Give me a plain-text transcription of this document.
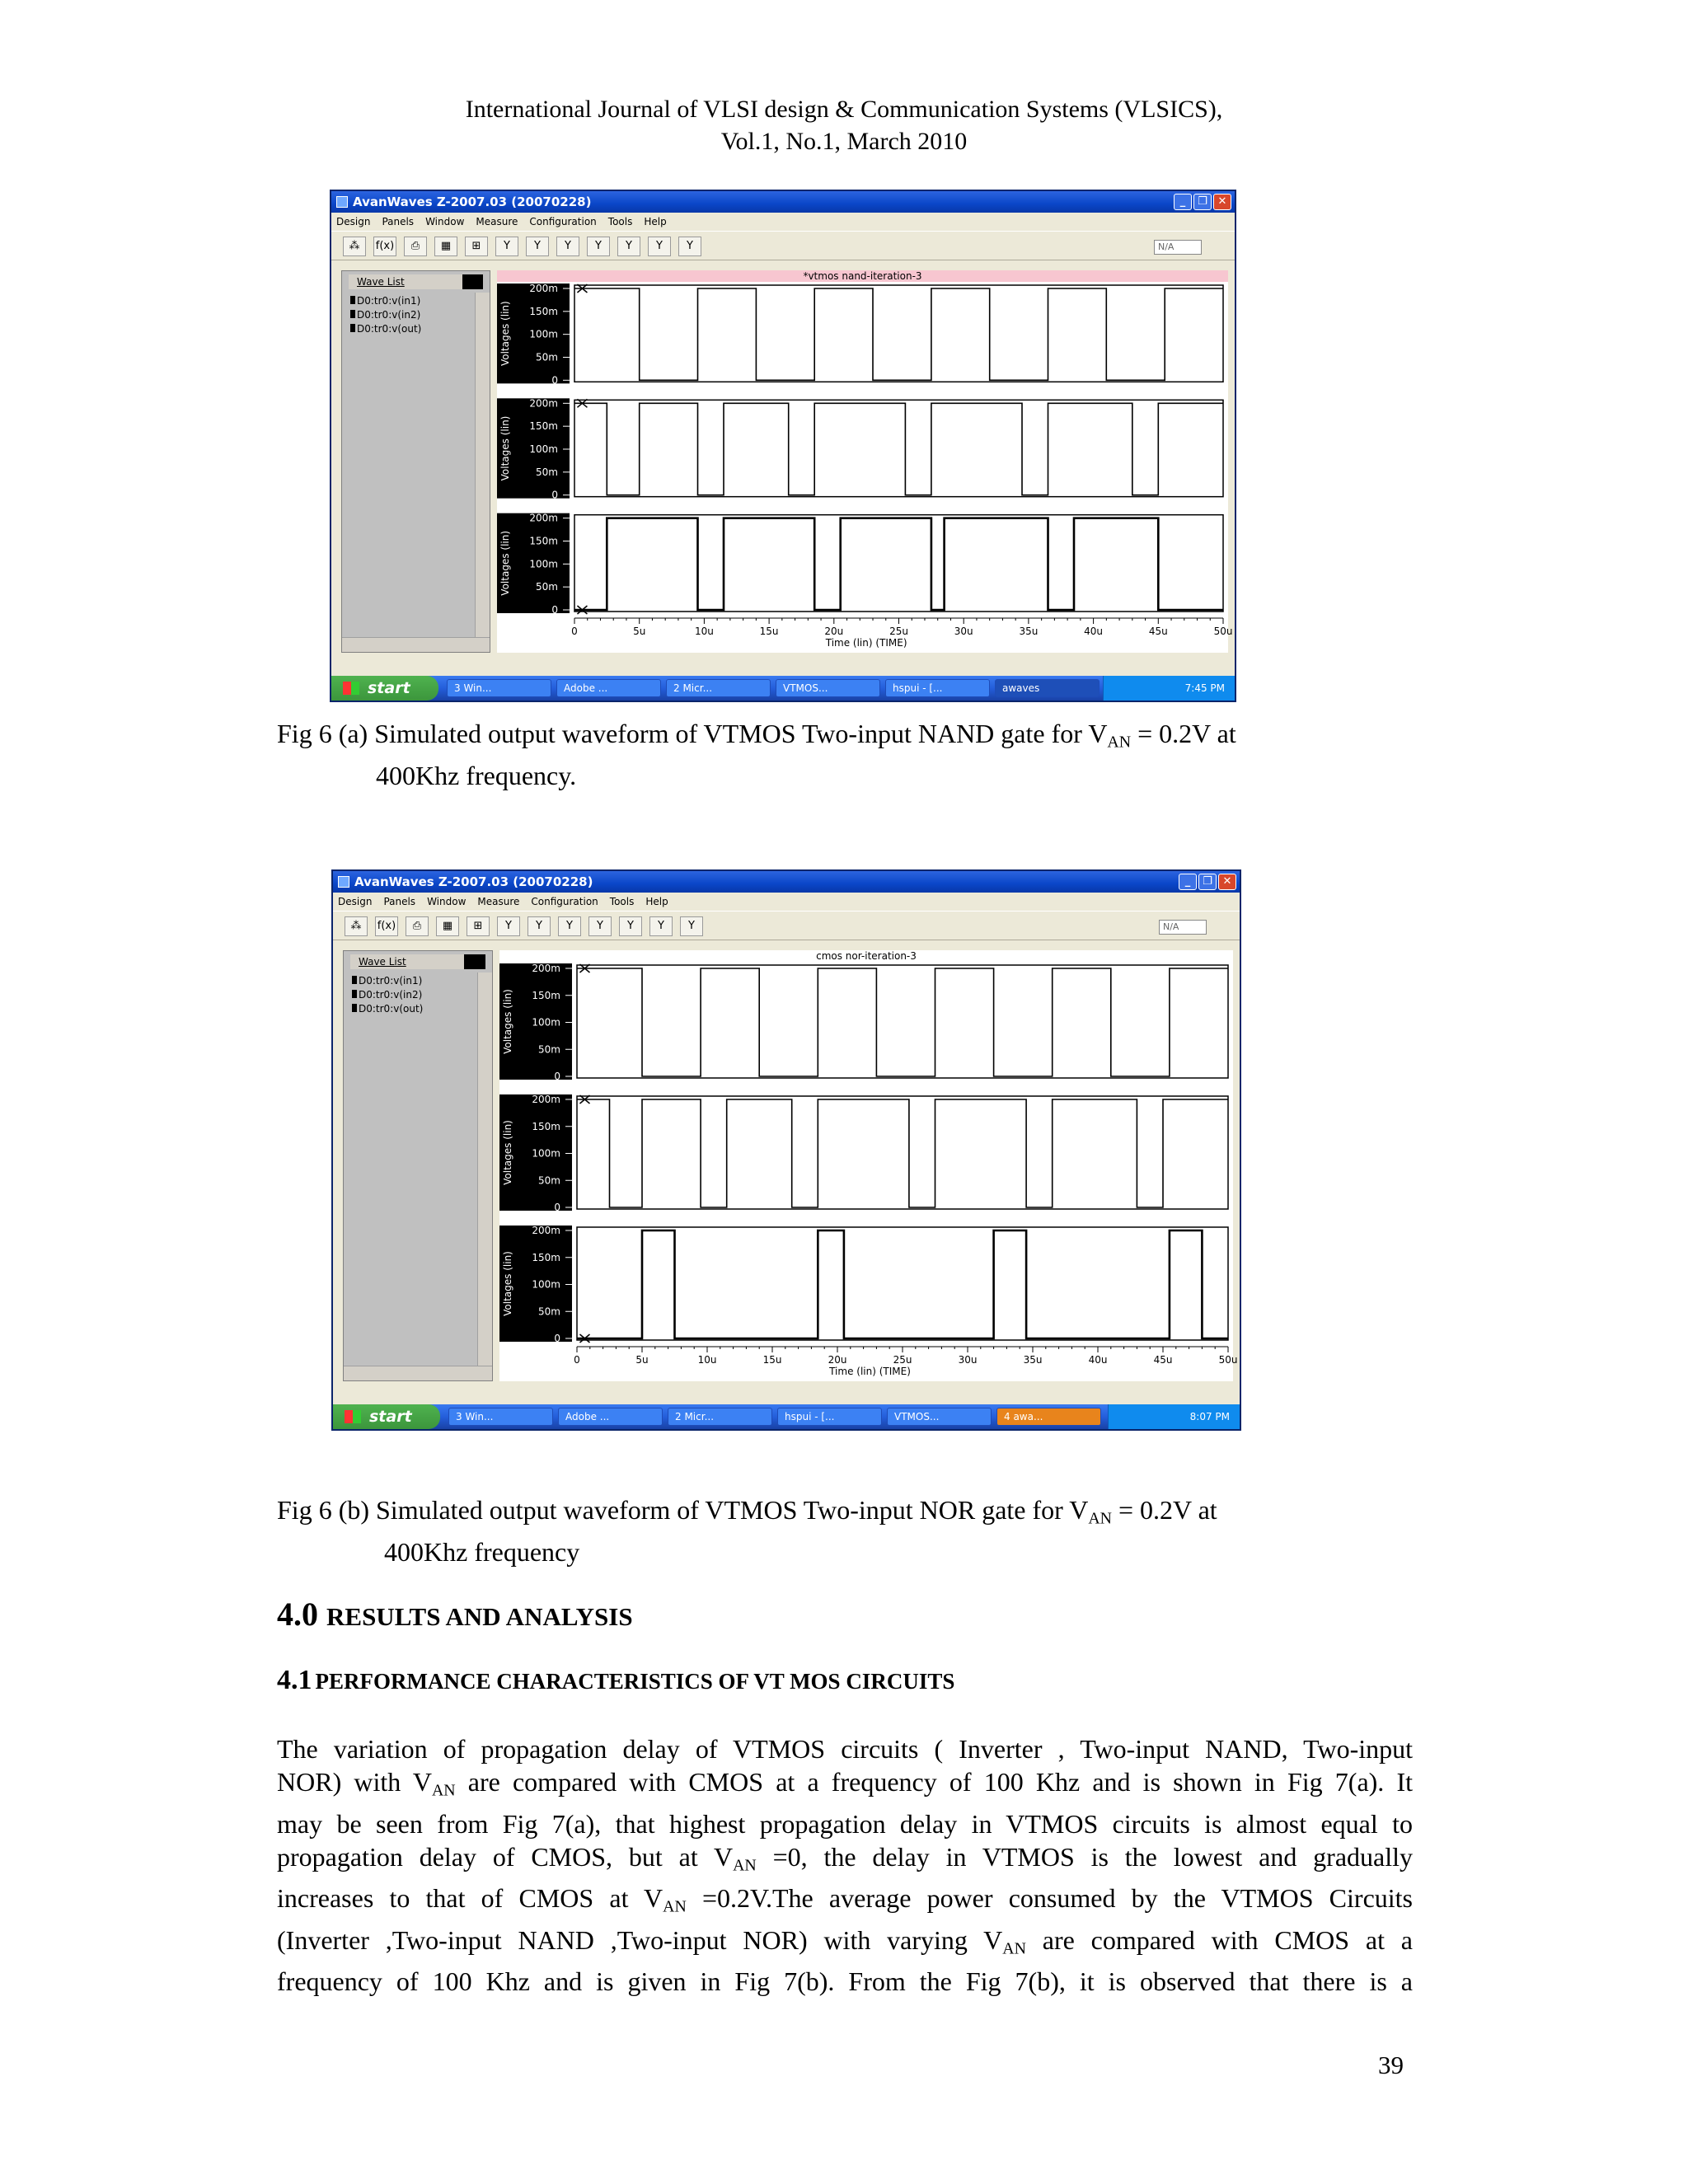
International Journal of VLSI design & Communication Systems (VLSICS),
Vol.1, No.1, March 2010
AvanWaves Z-2007.03 (20070228)	_	❐ ✕
Design Panels Window Measure Configuration Tools Help
⁂	f(x)	⎙	▦	⊞	Y	Y	Y	Y	Y	Y	Y	N/A
Wave List
D0:tr0:v(in1)
D0:tr0:v(in2)
D0:tr0:v(out)
*vtmos nand-iteration-3
Voltages (lin)
200m
150m
100m
50m
0
Voltages (lin)
200m
150m
100m
50m
0
Voltages (lin)
200m
150m
100m
50m
0
0	5u	10u	15u	20u	25u	30u	35u	40u	45u	50u
Time (lin) (TIME)
start	3 Win...	Adobe ...	2 Micr...	VTMOS...	hspui - [...	awaves	7:45 PM
Fig 6 (a) Simulated output waveform of VTMOS Two-input NAND gate for $V_{AN} = 0.2V$ at
400Khz frequency.
AvanWaves Z-2007.03 (20070228)	_	❐ ✕
Design Panels Window Measure Configuration Tools Help
⁂	f(x)	⎙	▦	⊞	Y	Y	Y	Y	Y	Y	Y	N/A
Wave List
D0:tr0:v(in1)
D0:tr0:v(in2)
D0:tr0:v(out)
cmos nor-iteration-3
Voltages (lin)
200m
150m
100m
50m
0
Voltages (lin)
200m
150m
100m
50m
0
Voltages (lin)
200m
150m
100m
50m
0
0	5u	10u	15u	20u	25u	30u	35u	40u	45u	50u
Time (lin) (TIME)
start	3 Win...	Adobe ...	2 Micr...	hspui - [...	VTMOS...	4 awa...	8:07 PM
Fig 6 (b) Simulated output waveform of VTMOS Two-input NOR gate for $V_{AN} = 0.2V$ at
400Khz frequency
4.0 RESULTS AND ANALYSIS
4.1 PERFORMANCE CHARACTERISTICS OF VT MOS CIRCUITS
The variation of propagation delay of VTMOS circuits ( Inverter , Two-input NAND, Two-input
NOR) with $V_{AN}$ are compared with CMOS at a frequency of 100 Khz and is shown in Fig 7(a). It
may be seen from Fig 7(a), that highest propagation delay in VTMOS circuits is almost equal to
propagation delay of CMOS, but at $V_{AN} =0$, the delay in VTMOS is the lowest and gradually
increases to that of CMOS at $V_{AN} =0.2V.The$ average power consumed by the VTMOS Circuits
(Inverter ,Two-input NAND ,Two-input NOR) with varying $V_{AN}$ are compared with CMOS at a
frequency of 100 Khz and is given in Fig 7(b). From the Fig 7(b), it is observed that there is a
39
